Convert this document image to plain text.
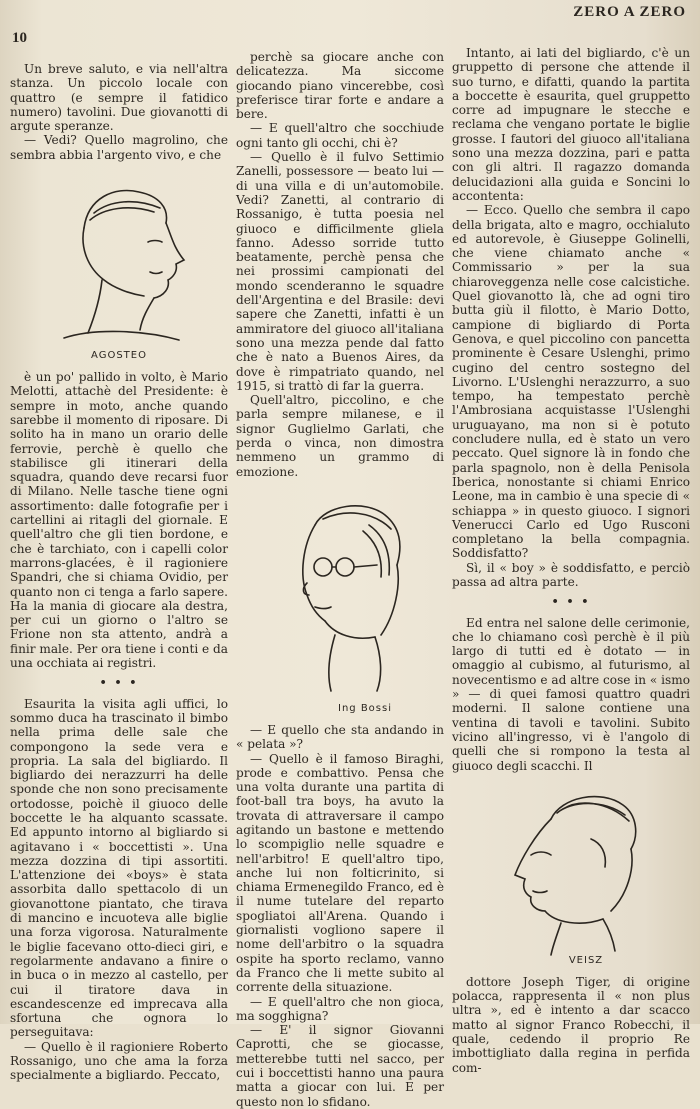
10
ZERO A ZERO

Un breve saluto, e via nell'altra stanza. Un piccolo locale con quattro (e sempre il fatidico numero) tavolini. Due giovanotti di argute speranze.

— Vedi? Quello magrolino, che sembra abbia l'argento vivo, e che

AGOSTEO

è un po' pallido in volto, è Mario Melotti, attachè del Presidente: è sempre in moto, anche quando sarebbe il momento di riposare. Di solito ha in mano un orario delle ferrovie, perchè è quello che stabilisce gli itinerari della squadra, quando deve recarsi fuor di Milano. Nelle tasche tiene ogni assortimento: dalle fotografie per i cartellini ai ritagli del giornale. E quell'altro che gli tien bordone, e che è tarchiato, con i capelli color marrons-glacées, è il ragioniere Spandri, che si chiama Ovidio, per quanto non ci tenga a farlo sapere. Ha la mania di giocare ala destra, per cui un giorno o l'altro se Frione non sta attento, andrà a finir male. Per ora tiene i conti e da una occhiata ai registri.

• • •

Esaurita la visita agli uffici, lo sommo duca ha trascinato il bimbo nella prima delle sale che compongono la sede vera e propria. La sala del bigliardo. Il bigliardo dei nerazzurri ha delle sponde che non sono precisamente ortodosse, poichè il giuoco delle boccette le ha alquanto scassate. Ed appunto intorno al bigliardo si agitavano i « boccettisti ». Una mezza dozzina di tipi assortiti. L'attenzione dei «boys» è stata assorbita dallo spettacolo di un giovanottone piantato, che tirava di mancino e incuoteva alle biglie una forza vigorosa. Naturalmente le biglie facevano otto-dieci giri, e regolarmente andavano a finire o in buca o in mezzo al castello, per cui il tiratore dava in escandescenze ed imprecava alla sfortuna che ognora lo perseguitava:

— Quello è il ragioniere Roberto Rossanigo, uno che ama la forza specialmente a bigliardo. Peccato,

perchè sa giocare anche con delicatezza. Ma siccome giocando piano vincerebbe, così preferisce tirar forte e andare a bere.

— E quell'altro che socchiude ogni tanto gli occhi, chi è?

— Quello è il fulvo Settimio Zanelli, possessore — beato lui — di una villa e di un'automobile. Vedi? Zanetti, al contrario di Rossanigo, è tutta poesia nel giuoco e difficilmente gliela fanno. Adesso sorride tutto beatamente, perchè pensa che nei prossimi campionati del mondo scenderanno le squadre dell'Argentina e del Brasile: devi sapere che Zanetti, infatti è un ammiratore del giuoco all'italiana sono una mezza pende dal fatto che è nato a Buenos Aires, da dove è rimpatriato quando, nel 1915, si trattò di far la guerra.

Quell'altro, piccolino, e che parla sempre milanese, e il signor Guglielmo Garlati, che perda o vinca, non dimostra nemmeno un grammo di emozione.

Ing Bossi

— E quello che sta andando in « pelata »?

— Quello è il famoso Biraghi, prode e combattivo. Pensa che una volta durante una partita di foot-ball tra boys, ha avuto la trovata di attraversare il campo agitando un bastone e mettendo lo scompiglio nelle squadre e nell'arbitro! E quell'altro tipo, anche lui non folticrinito, si chiama Ermenegildo Franco, ed è il nume tutelare del reparto spogliatoi all'Arena. Quando i giornalisti vogliono sapere il nome dell'arbitro o la squadra ospite ha sporto reclamo, vanno da Franco che li mette subito al corrente della situazione.

— E quell'altro che non gioca, ma sogghigna?

— E' il signor Giovanni Caprotti, che se giocasse, metterebbe tutti nel sacco, per cui i boccettisti hanno una paura matta a giocar con lui. E per questo non lo sfidano.

Intanto, ai lati del bigliardo, c'è un gruppetto di persone che attende il suo turno, e difatti, quando la partita a boccette è esaurita, quel gruppetto corre ad impugnare le stecche e reclama che vengano portate le biglie grosse. I fautori del giuoco all'italiana sono una mezza dozzina, pari e patta con gli altri. Il ragazzo domanda delucidazioni alla guida e Soncini lo accontenta:

— Ecco. Quello che sembra il capo della brigata, alto e magro, occhialuto ed autorevole, è Giuseppe Golinelli, che viene chiamato anche « Commissario » per la sua chiaroveggenza nelle cose calcistiche. Quel giovanotto là, che ad ogni tiro butta giù il filotto, è Mario Dotto, campione di bigliardo di Porta Genova, e quel piccolino con pancetta prominente è Cesare Uslenghi, primo cugino del centro sostegno del Livorno. L'Uslenghi nerazzurro, a suo tempo, ha tempestato perchè l'Ambrosiana acquistasse l'Uslenghi uruguayano, ma non si è potuto concludere nulla, ed è stato un vero peccato. Quel signore là in fondo che parla spagnolo, non è della Penisola Iberica, nonostante si chiami Enrico Leone, ma in cambio è una specie di « schiappa » in questo giuoco. I signori Venerucci Carlo ed Ugo Rusconi completano la bella compagnia. Soddisfatto?

Sì, il « boy » è soddisfatto, e perciò passa ad altra parte.

• • •

Ed entra nel salone delle cerimonie, che lo chiamano così perchè è il più largo di tutti ed è dotato — in omaggio al cubismo, al futurismo, al novecentismo e ad altre cose in « ismo » — di quei famosi quattro quadri moderni. Il salone contiene una ventina di tavoli e tavolini. Subito vicino all'ingresso, vi è l'angolo di quelli che si rompono la testa al giuoco degli scacchi. Il

VEISZ

dottore Joseph Tiger, di origine polacca, rappresenta il « non plus ultra », ed è intento a dar scacco matto al signor Franco Robecchi, il quale, cedendo il proprio Re imbottigliato dalla regina in perfida com-
